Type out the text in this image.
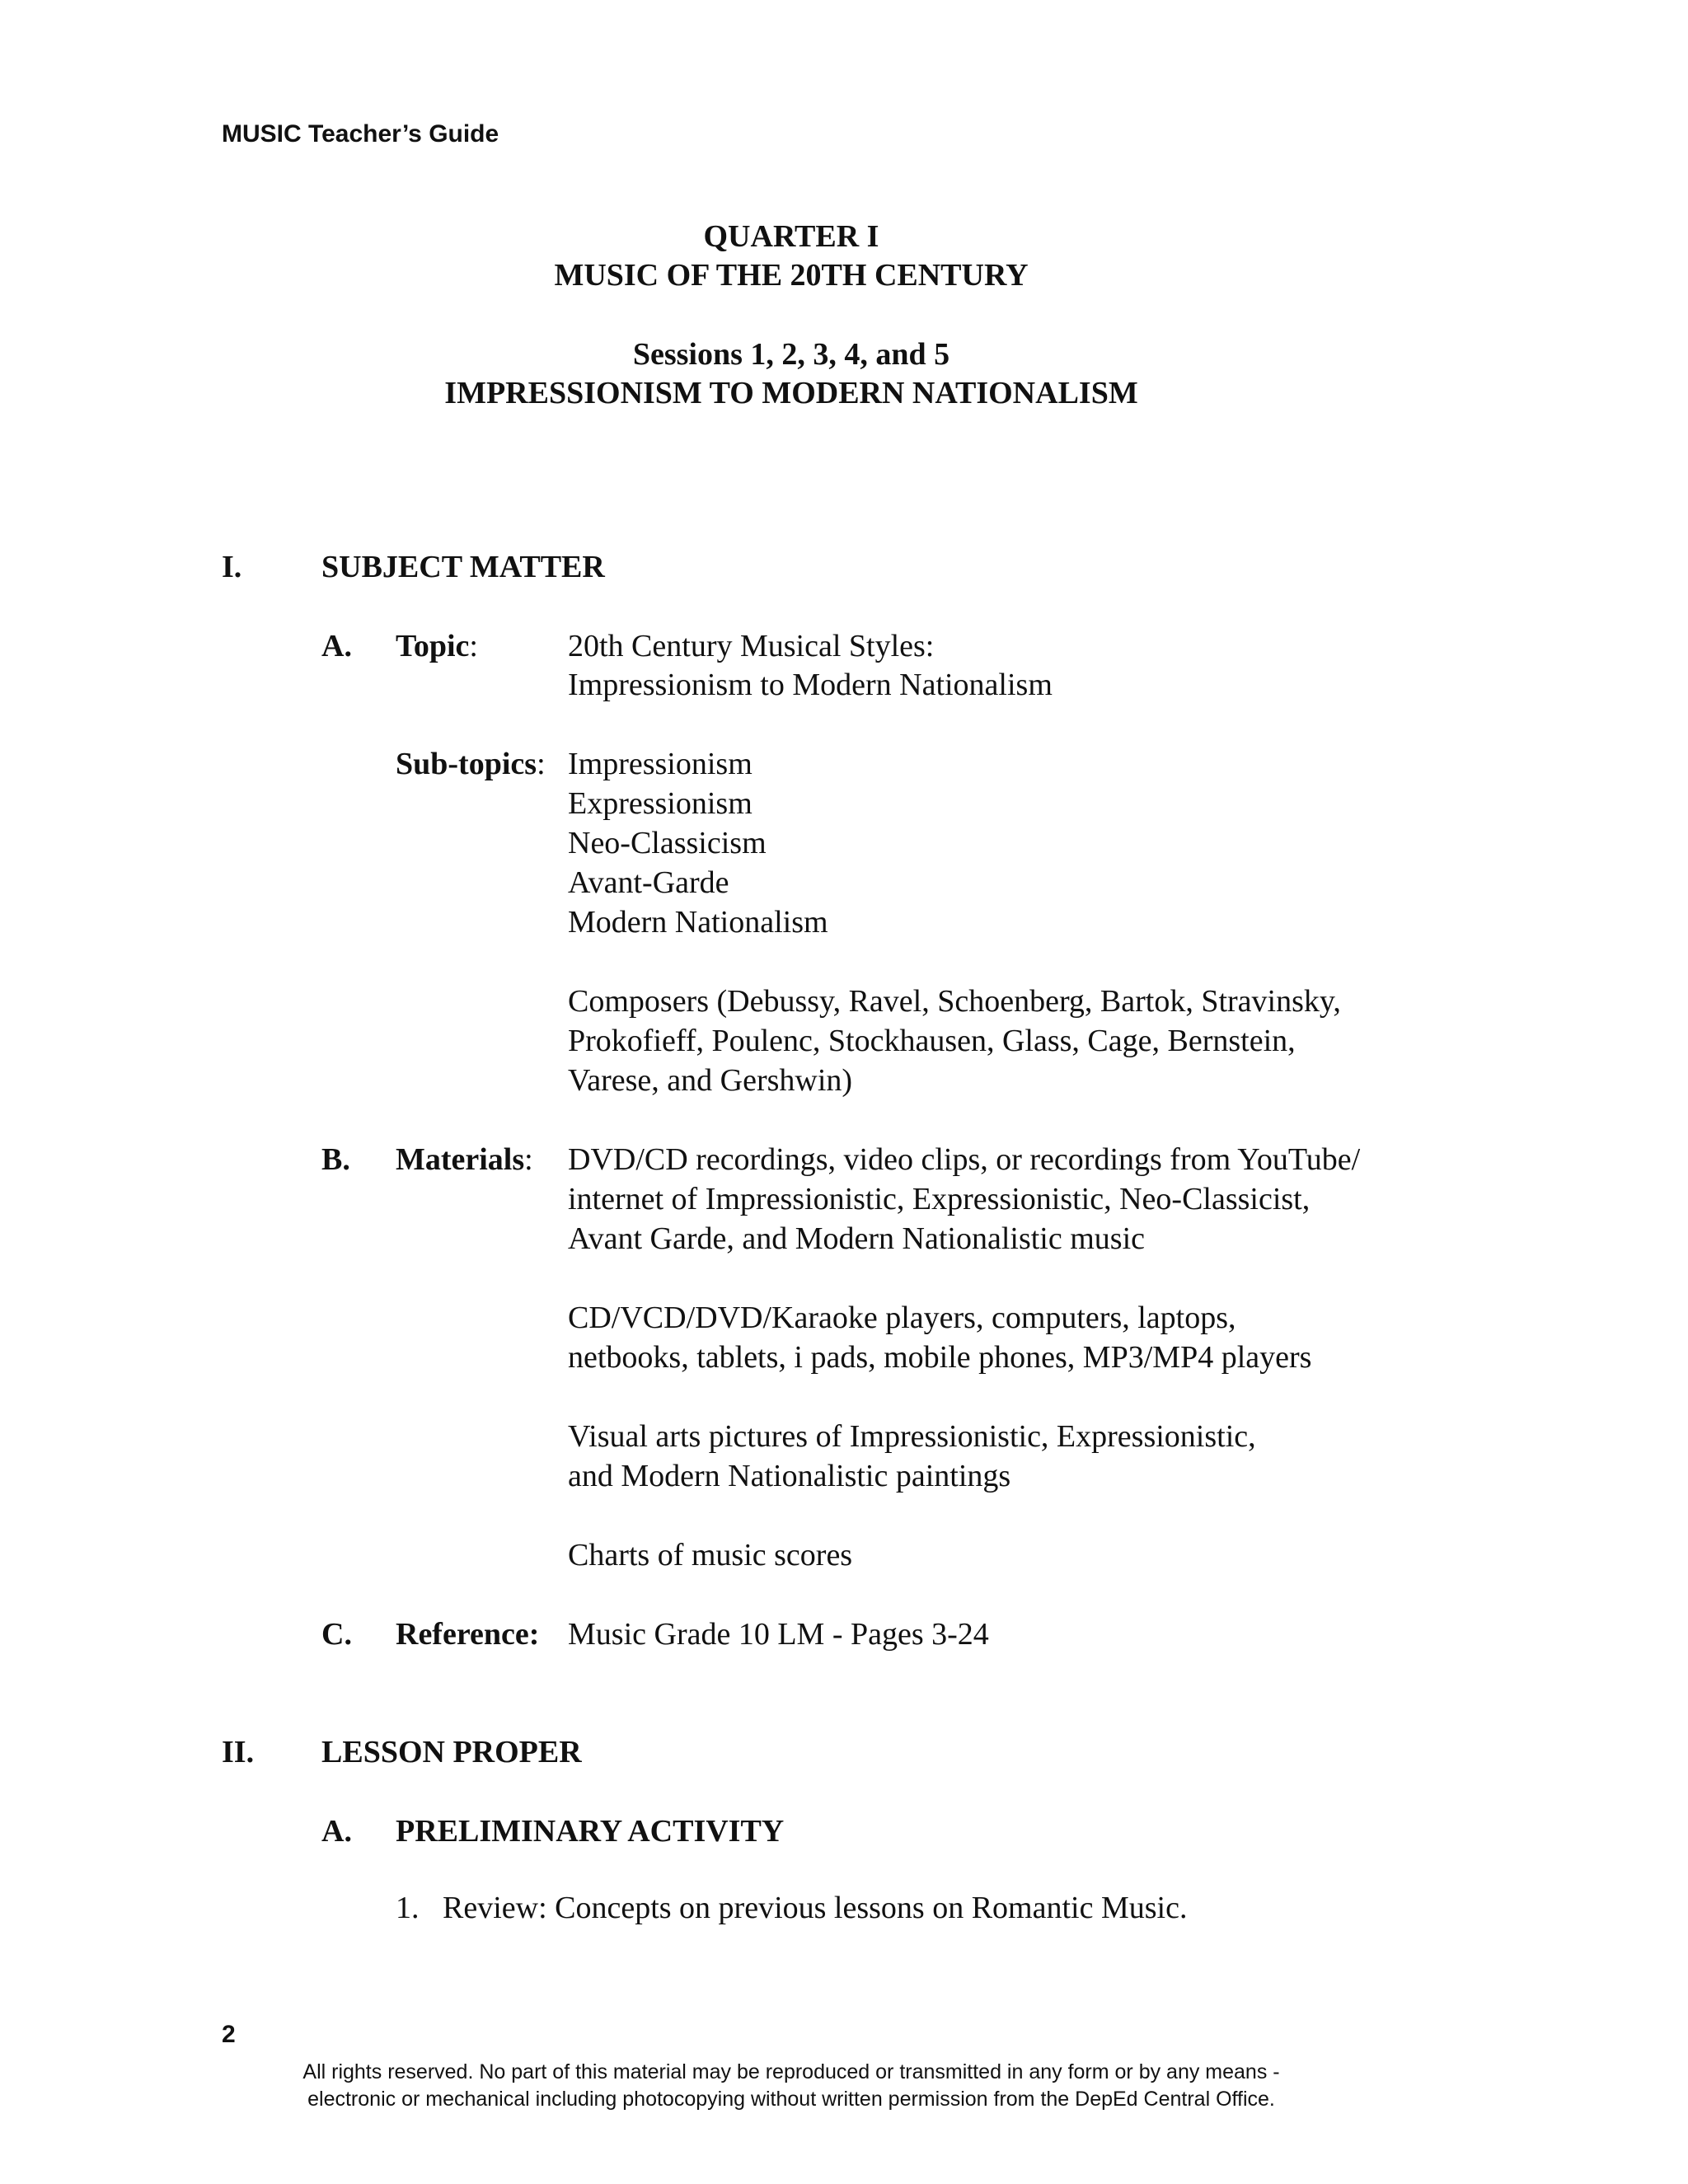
MUSIC Teacher’s Guide
QUARTER I
MUSIC OF THE 20TH CENTURY
Sessions 1, 2, 3, 4, and 5
IMPRESSIONISM TO MODERN NATIONALISM
I.	SUBJECT MATTER
A. Topic:	20th Century Musical Styles:
Impressionism to Modern Nationalism
Sub-topics: Impressionism
Expressionism
Neo-Classicism
Avant-Garde
Modern Nationalism
Composers (Debussy, Ravel, Schoenberg, Bartok, Stravinsky,
Prokofieff, Poulenc, Stockhausen, Glass, Cage, Bernstein,
Varese, and Gershwin)
B. Materials: DVD/CD recordings, video clips, or recordings from YouTube/
internet of Impressionistic, Expressionistic, Neo-Classicist,
Avant Garde, and Modern Nationalistic music
CD/VCD/DVD/Karaoke players, computers, laptops,
netbooks, tablets, i pads, mobile phones, MP3/MP4 players
Visual arts pictures of Impressionistic, Expressionistic,
and Modern Nationalistic paintings
Charts of music scores
C. Reference: Music Grade 10 LM - Pages 3-24
II. LESSON PROPER
A. PRELIMINARY ACTIVITY
1.   Review: Concepts on previous lessons on Romantic Music.
2
All rights reserved. No part of this material may be reproduced or transmitted in any form or by any means -
electronic or mechanical including photocopying without written permission from the DepEd Central Office.
